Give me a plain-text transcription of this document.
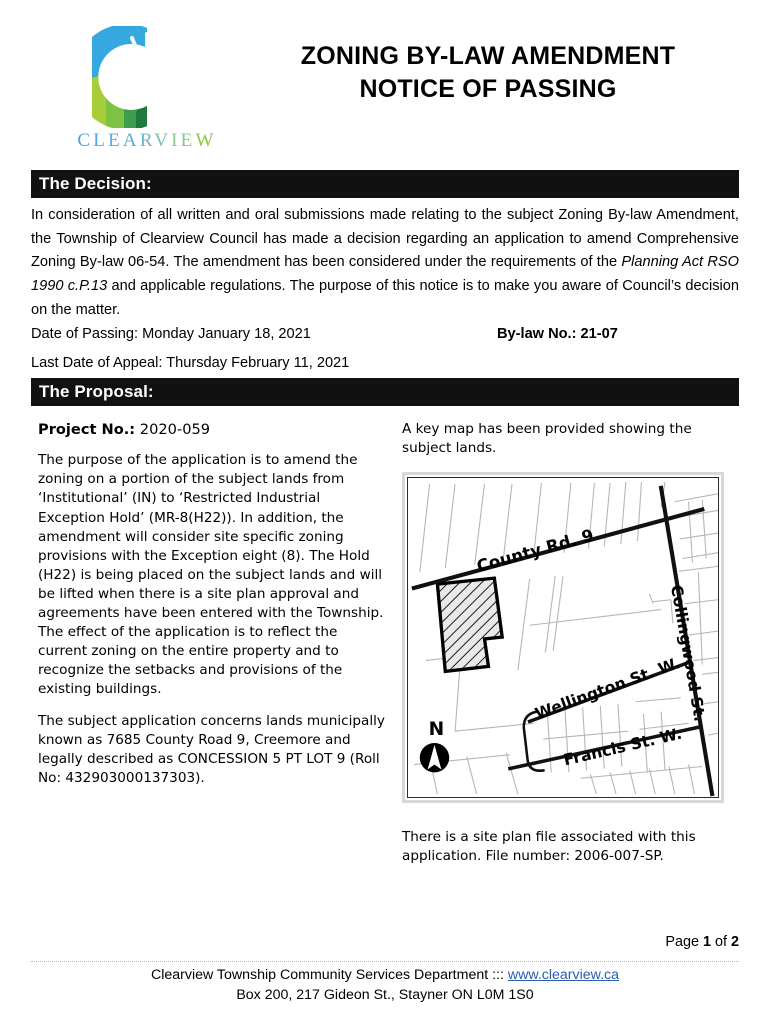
CLEARVIEW
ZONING BY-LAW AMENDMENT
NOTICE OF PASSING
The Decision:
In consideration of all written and oral submissions made relating to the subject Zoning By-law Amendment, the Township of Clearview Council has made a decision regarding an application to amend Comprehensive Zoning By-law 06-54. The amendment has been considered under the requirements of the Planning Act RSO 1990 c.P.13 and applicable regulations. The purpose of this notice is to make you aware of Council’s decision on the matter.
Date of Passing: Monday January 18, 2021	By-law No.: 21-07
Last Date of Appeal: Thursday February 11, 2021
The Proposal:

Project No.: 2020-059

The purpose of the application is to amend the zoning on a portion of the subject lands from ‘Institutional’ (IN) to ‘Restricted Industrial Exception Hold’ (MR-8(H22)). In addition, the amendment will consider site specific zoning provisions with the Exception eight (8). The Hold (H22) is being placed on the subject lands and will be lifted when there is a site plan approval and agreements have been entered with the Township. The effect of the application is to reflect the current zoning on the entire property and to recognize the setbacks and provisions of the existing buildings.

The subject application concerns lands municipally known as 7685 County Road 9, Creemore and legally described as CONCESSION 5 PT LOT 9 (Roll No: 432903000137303).

A key map has been provided showing the subject lands.

County Rd. 9
Collingwood St.
Wellington St. W.
Francis St. W.
N

There is a site plan file associated with this application. File number: 2006-007-SP.

Page 1 of 2
Clearview Township Community Services Department ::: www.clearview.ca
Box 200, 217 Gideon St., Stayner ON L0M 1S0
